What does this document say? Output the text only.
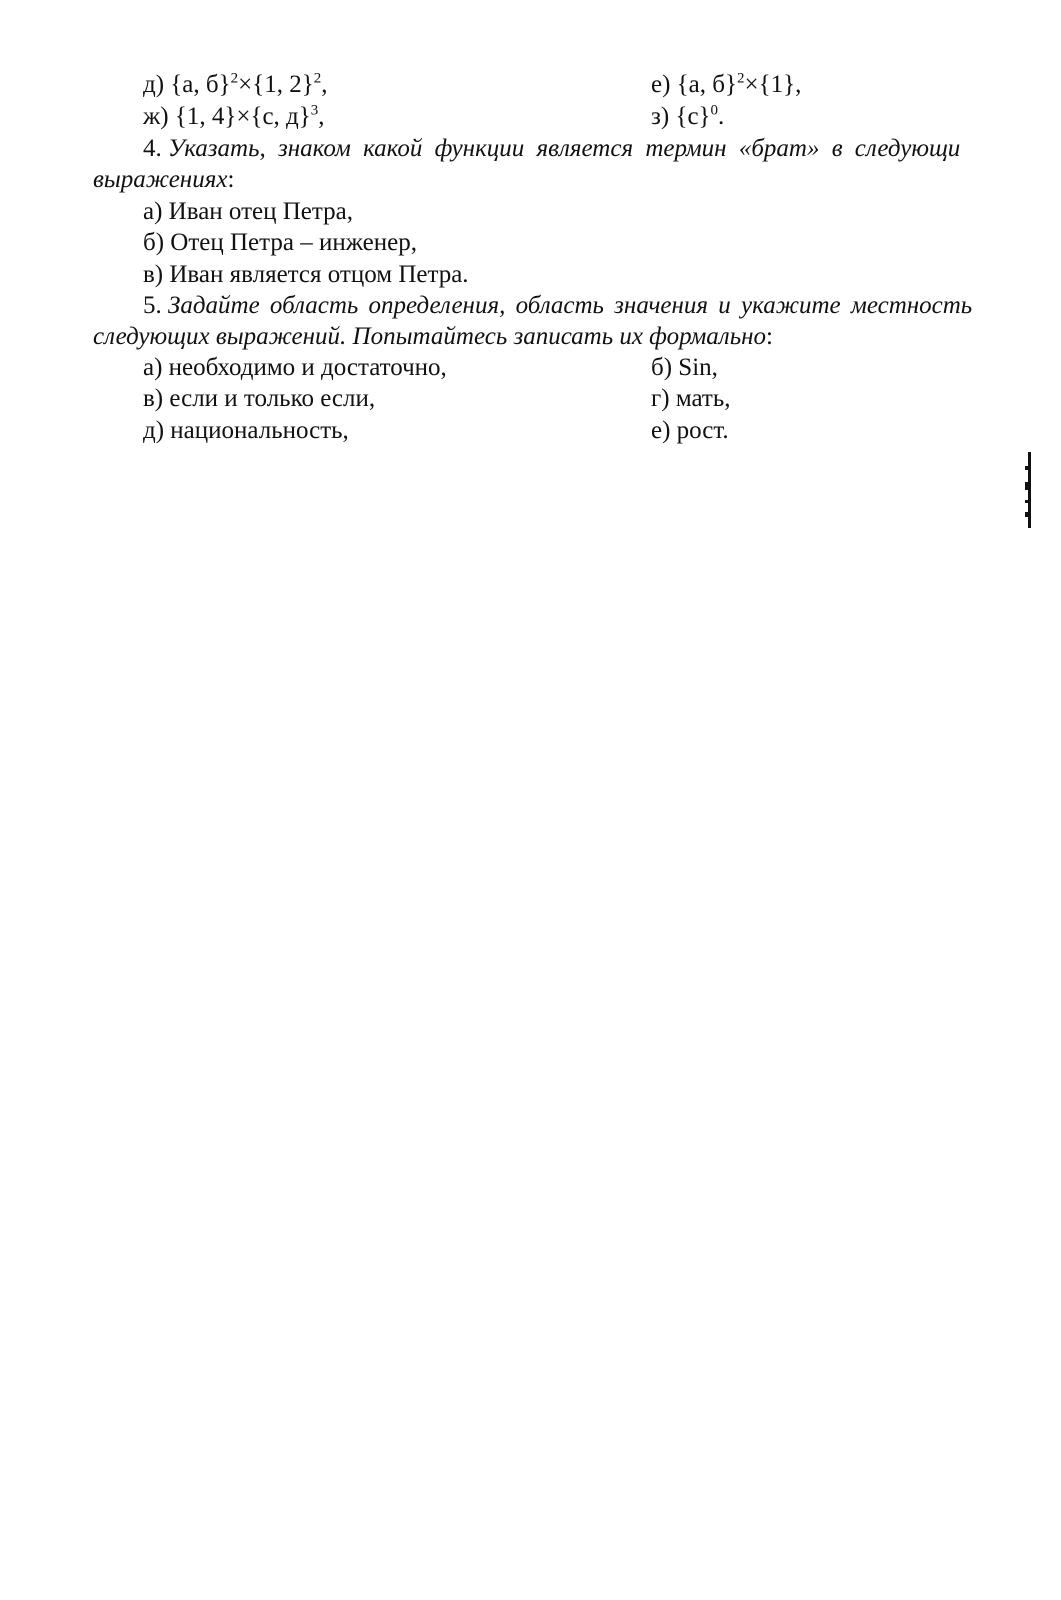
д) {a, б}$^2$×{1, 2}$^2$,	е) {a, б}$^2$×{1},
ж) {1, 4}×{c, д}$^3$,	з) $\{c\}^0$.
4. Указать, знаком какой функции является термин «брат» в следующи
выражениях:
а) Иван отец Петра,
б) Отец Петра – инженер,
в) Иван является отцом Петра.
5. Задайте область определения, область значения и укажите местность
следующих выражений. Попытайтесь записать их формально:
а) необходимо и достаточно,	б) Sin,
в) если и только если,	г) мать,
д) национальность,	е) рост.
